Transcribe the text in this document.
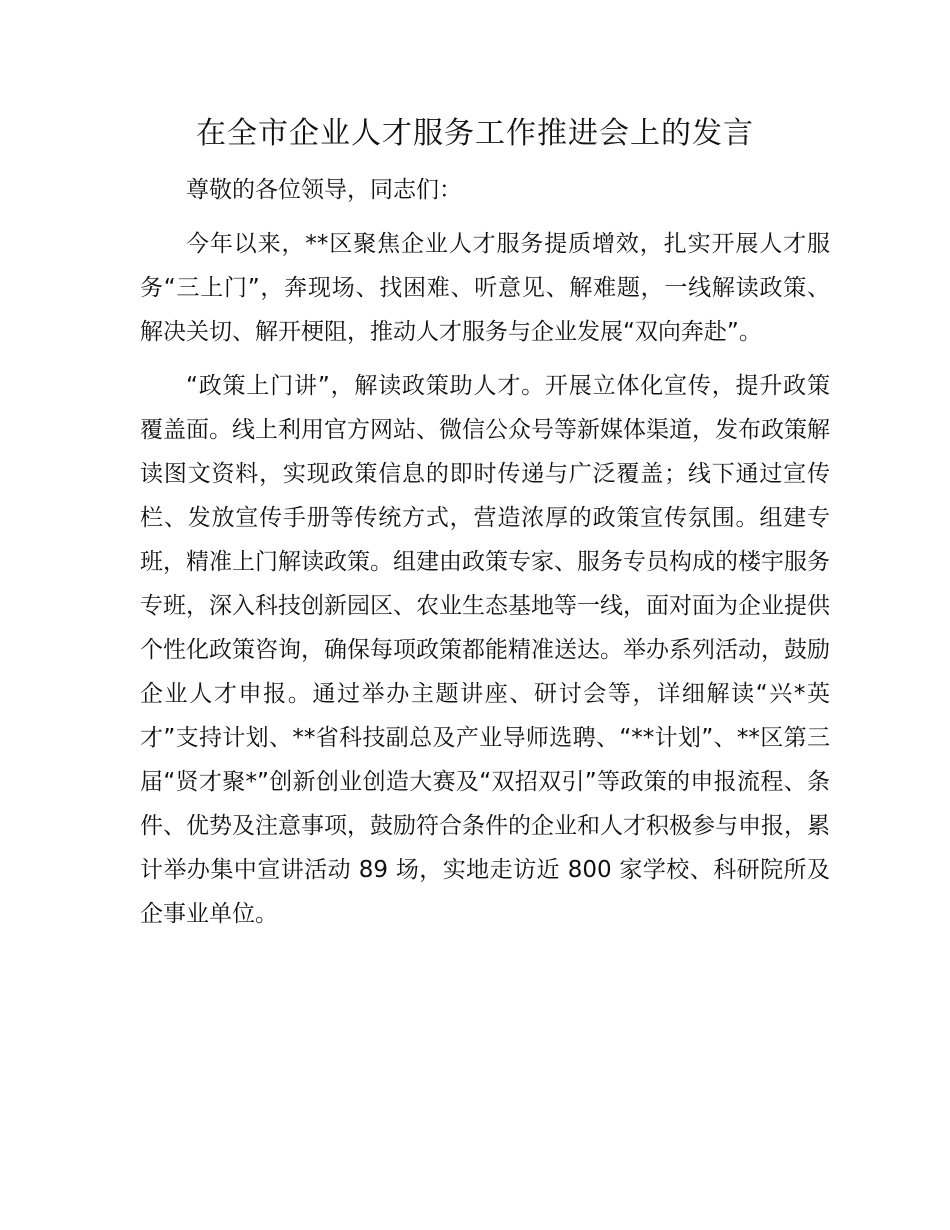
在全市企业人才服务工作推进会上的发言

尊敬的各位领导，同志们：

今年以来，**区聚焦企业人才服务提质增效，扎实开展人才服务“三上门”，奔现场、找困难、听意见、解难题，一线解读政策、解决关切、解开梗阻，推动人才服务与企业发展“双向奔赴”。

“政策上门讲”，解读政策助人才。开展立体化宣传，提升政策覆盖面。线上利用官方网站、微信公众号等新媒体渠道，发布政策解读图文资料，实现政策信息的即时传递与广泛覆盖；线下通过宣传栏、发放宣传手册等传统方式，营造浓厚的政策宣传氛围。组建专班，精准上门解读政策。组建由政策专家、服务专员构成的楼宇服务专班，深入科技创新园区、农业生态基地等一线，面对面为企业提供个性化政策咨询，确保每项政策都能精准送达。举办系列活动，鼓励企业人才申报。通过举办主题讲座、研讨会等，详细解读“兴*英才”支持计划、**省科技副总及产业导师选聘、“**计划”、**区第三届“贤才聚*”创新创业创造大赛及“双招双引”等政策的申报流程、条件、优势及注意事项，鼓励符合条件的企业和人才积极参与申报，累计举办集中宣讲活动 89 场，实地走访近 800 家学校、科研院所及企事业单位。
